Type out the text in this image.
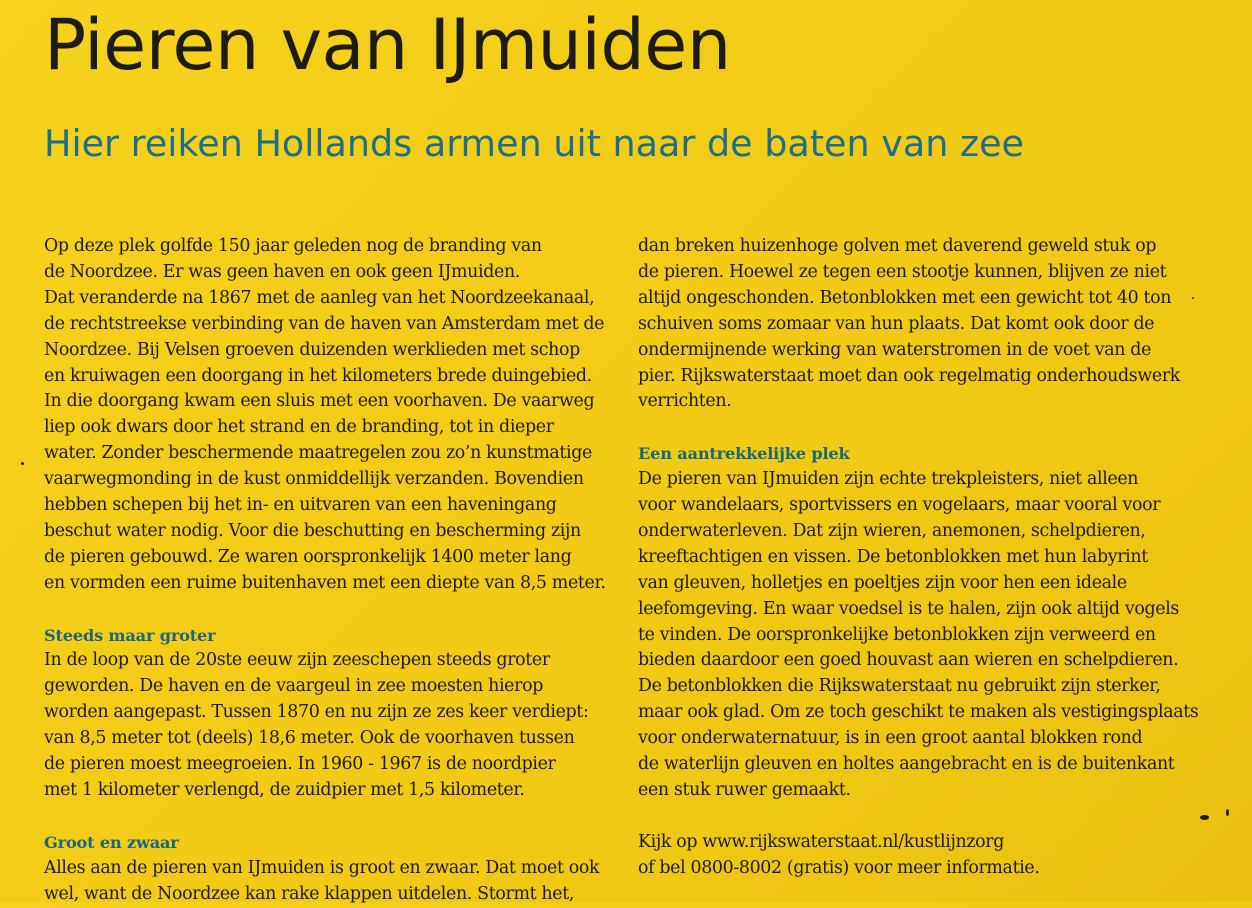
Pieren van IJmuiden
Hier reiken Hollands armen uit naar de baten van zee

Op deze plek golfde 150 jaar geleden nog de branding van
de Noordzee. Er was geen haven en ook geen IJmuiden.
Dat veranderde na 1867 met de aanleg van het Noordzeekanaal,
de rechtstreekse verbinding van de haven van Amsterdam met de
Noordzee. Bij Velsen groeven duizenden werklieden met schop
en kruiwagen een doorgang in het kilometers brede duingebied.
In die doorgang kwam een sluis met een voorhaven. De vaarweg
liep ook dwars door het strand en de branding, tot in dieper
water. Zonder beschermende maatregelen zou zo’n kunstmatige
vaarwegmonding in de kust onmiddellijk verzanden. Bovendien
hebben schepen bij het in- en uitvaren van een haveningang
beschut water nodig. Voor die beschutting en bescherming zijn
de pieren gebouwd. Ze waren oorspronkelijk 1400 meter lang
en vormden een ruime buitenhaven met een diepte van 8,5 meter.

Steeds maar groter

In de loop van de 20ste eeuw zijn zeeschepen steeds groter
geworden. De haven en de vaargeul in zee moesten hierop
worden aangepast. Tussen 1870 en nu zijn ze zes keer verdiept:
van 8,5 meter tot (deels) 18,6 meter. Ook de voorhaven tussen
de pieren moest meegroeien. In 1960 - 1967 is de noordpier
met 1 kilometer verlengd, de zuidpier met 1,5 kilometer.

Groot en zwaar

Alles aan de pieren van IJmuiden is groot en zwaar. Dat moet ook
wel, want de Noordzee kan rake klappen uitdelen. Stormt het,

dan breken huizenhoge golven met daverend geweld stuk op
de pieren. Hoewel ze tegen een stootje kunnen, blijven ze niet
altijd ongeschonden. Betonblokken met een gewicht tot 40 ton
schuiven soms zomaar van hun plaats. Dat komt ook door de
ondermijnende werking van waterstromen in de voet van de
pier. Rijkswaterstaat moet dan ook regelmatig onderhoudswerk
verrichten.

Een aantrekkelijke plek

De pieren van IJmuiden zijn echte trekpleisters, niet alleen
voor wandelaars, sportvissers en vogelaars, maar vooral voor
onderwaterleven. Dat zijn wieren, anemonen, schelpdieren,
kreeftachtigen en vissen. De betonblokken met hun labyrint
van gleuven, holletjes en poeltjes zijn voor hen een ideale
leefomgeving. En waar voedsel is te halen, zijn ook altijd vogels
te vinden. De oorspronkelijke betonblokken zijn verweerd en
bieden daardoor een goed houvast aan wieren en schelpdieren.
De betonblokken die Rijkswaterstaat nu gebruikt zijn sterker,
maar ook glad. Om ze toch geschikt te maken als vestigingsplaats
voor onderwaternatuur, is in een groot aantal blokken rond
de waterlijn gleuven en holtes aangebracht en is de buitenkant
een stuk ruwer gemaakt.

Kijk op www.rijkswaterstaat.nl/kustlijnzorg
of bel 0800-8002 (gratis) voor meer informatie.
